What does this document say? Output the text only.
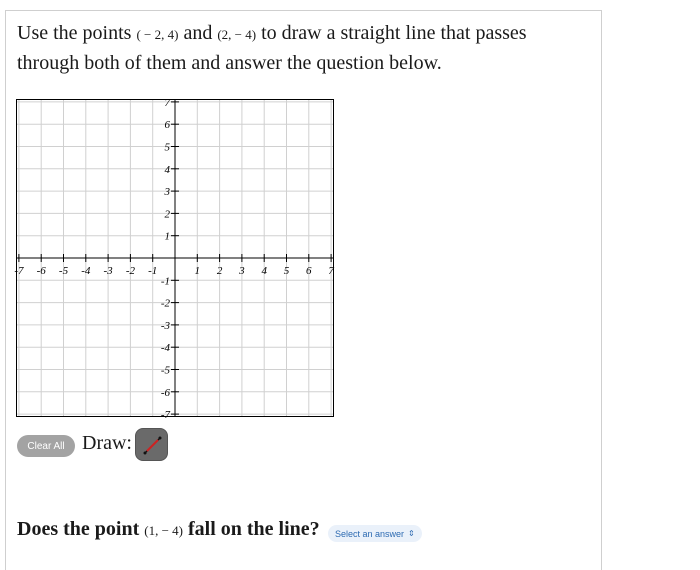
Use the points ( − 2, 4) and (2, − 4) to draw a straight line that passes through both of them and answer the question below.
-7 -6 -5 -4 -3 -2 -1	1 2 3 4 5 6 7
7
6
5
4
3
2
1
-1
-2
-3
-4
-5
-6
-7
Clear All Draw:
Does the point (1, − 4) fall on the line? Select an answer ⇕
